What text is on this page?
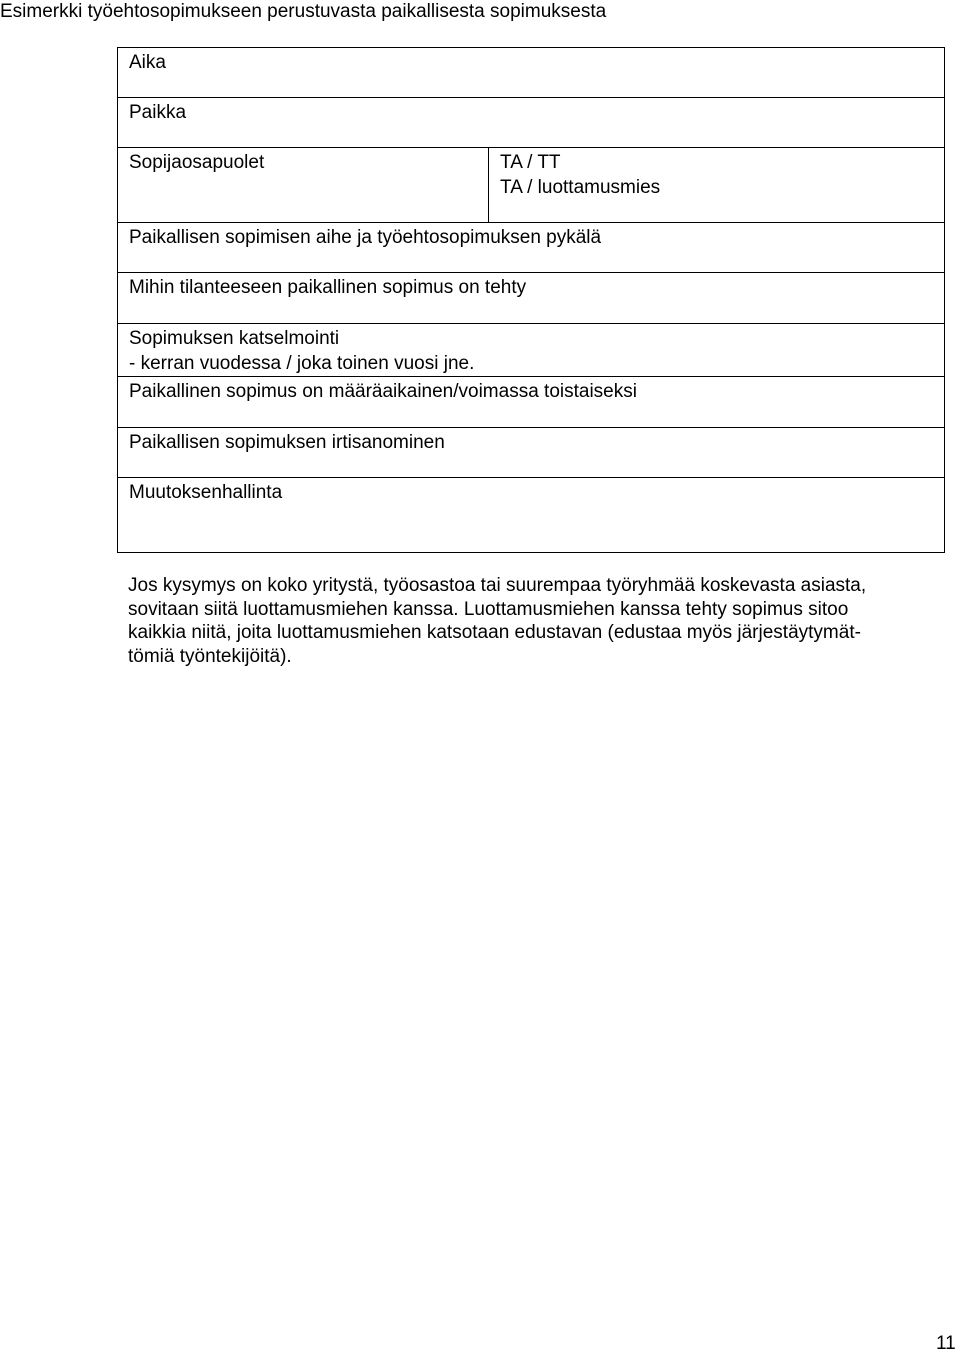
Esimerkki työehtosopimukseen perustuvasta paikallisesta sopimuksesta
Aika

Paikka

Sopijaosapuolet	TA / TT
TA / luottamusmies

Paikallisen sopimisen aihe ja työehtosopimuksen pykälä

Mihin tilanteeseen paikallinen sopimus on tehty

Sopimuksen katselmointi
- kerran vuodessa / joka toinen vuosi jne.

Paikallinen sopimus on määräaikainen/voimassa toistaiseksi

Paikallisen sopimuksen irtisanominen

Muutoksenhallinta
Jos kysymys on koko yritystä, työosastoa tai suurempaa työryhmää koskevasta asiasta,
sovitaan siitä luottamusmiehen kanssa. Luottamusmiehen kanssa tehty sopimus sitoo
kaikkia niitä, joita luottamusmiehen katsotaan edustavan (edustaa myös järjestäytymät-
tömiä työntekijöitä).
11
